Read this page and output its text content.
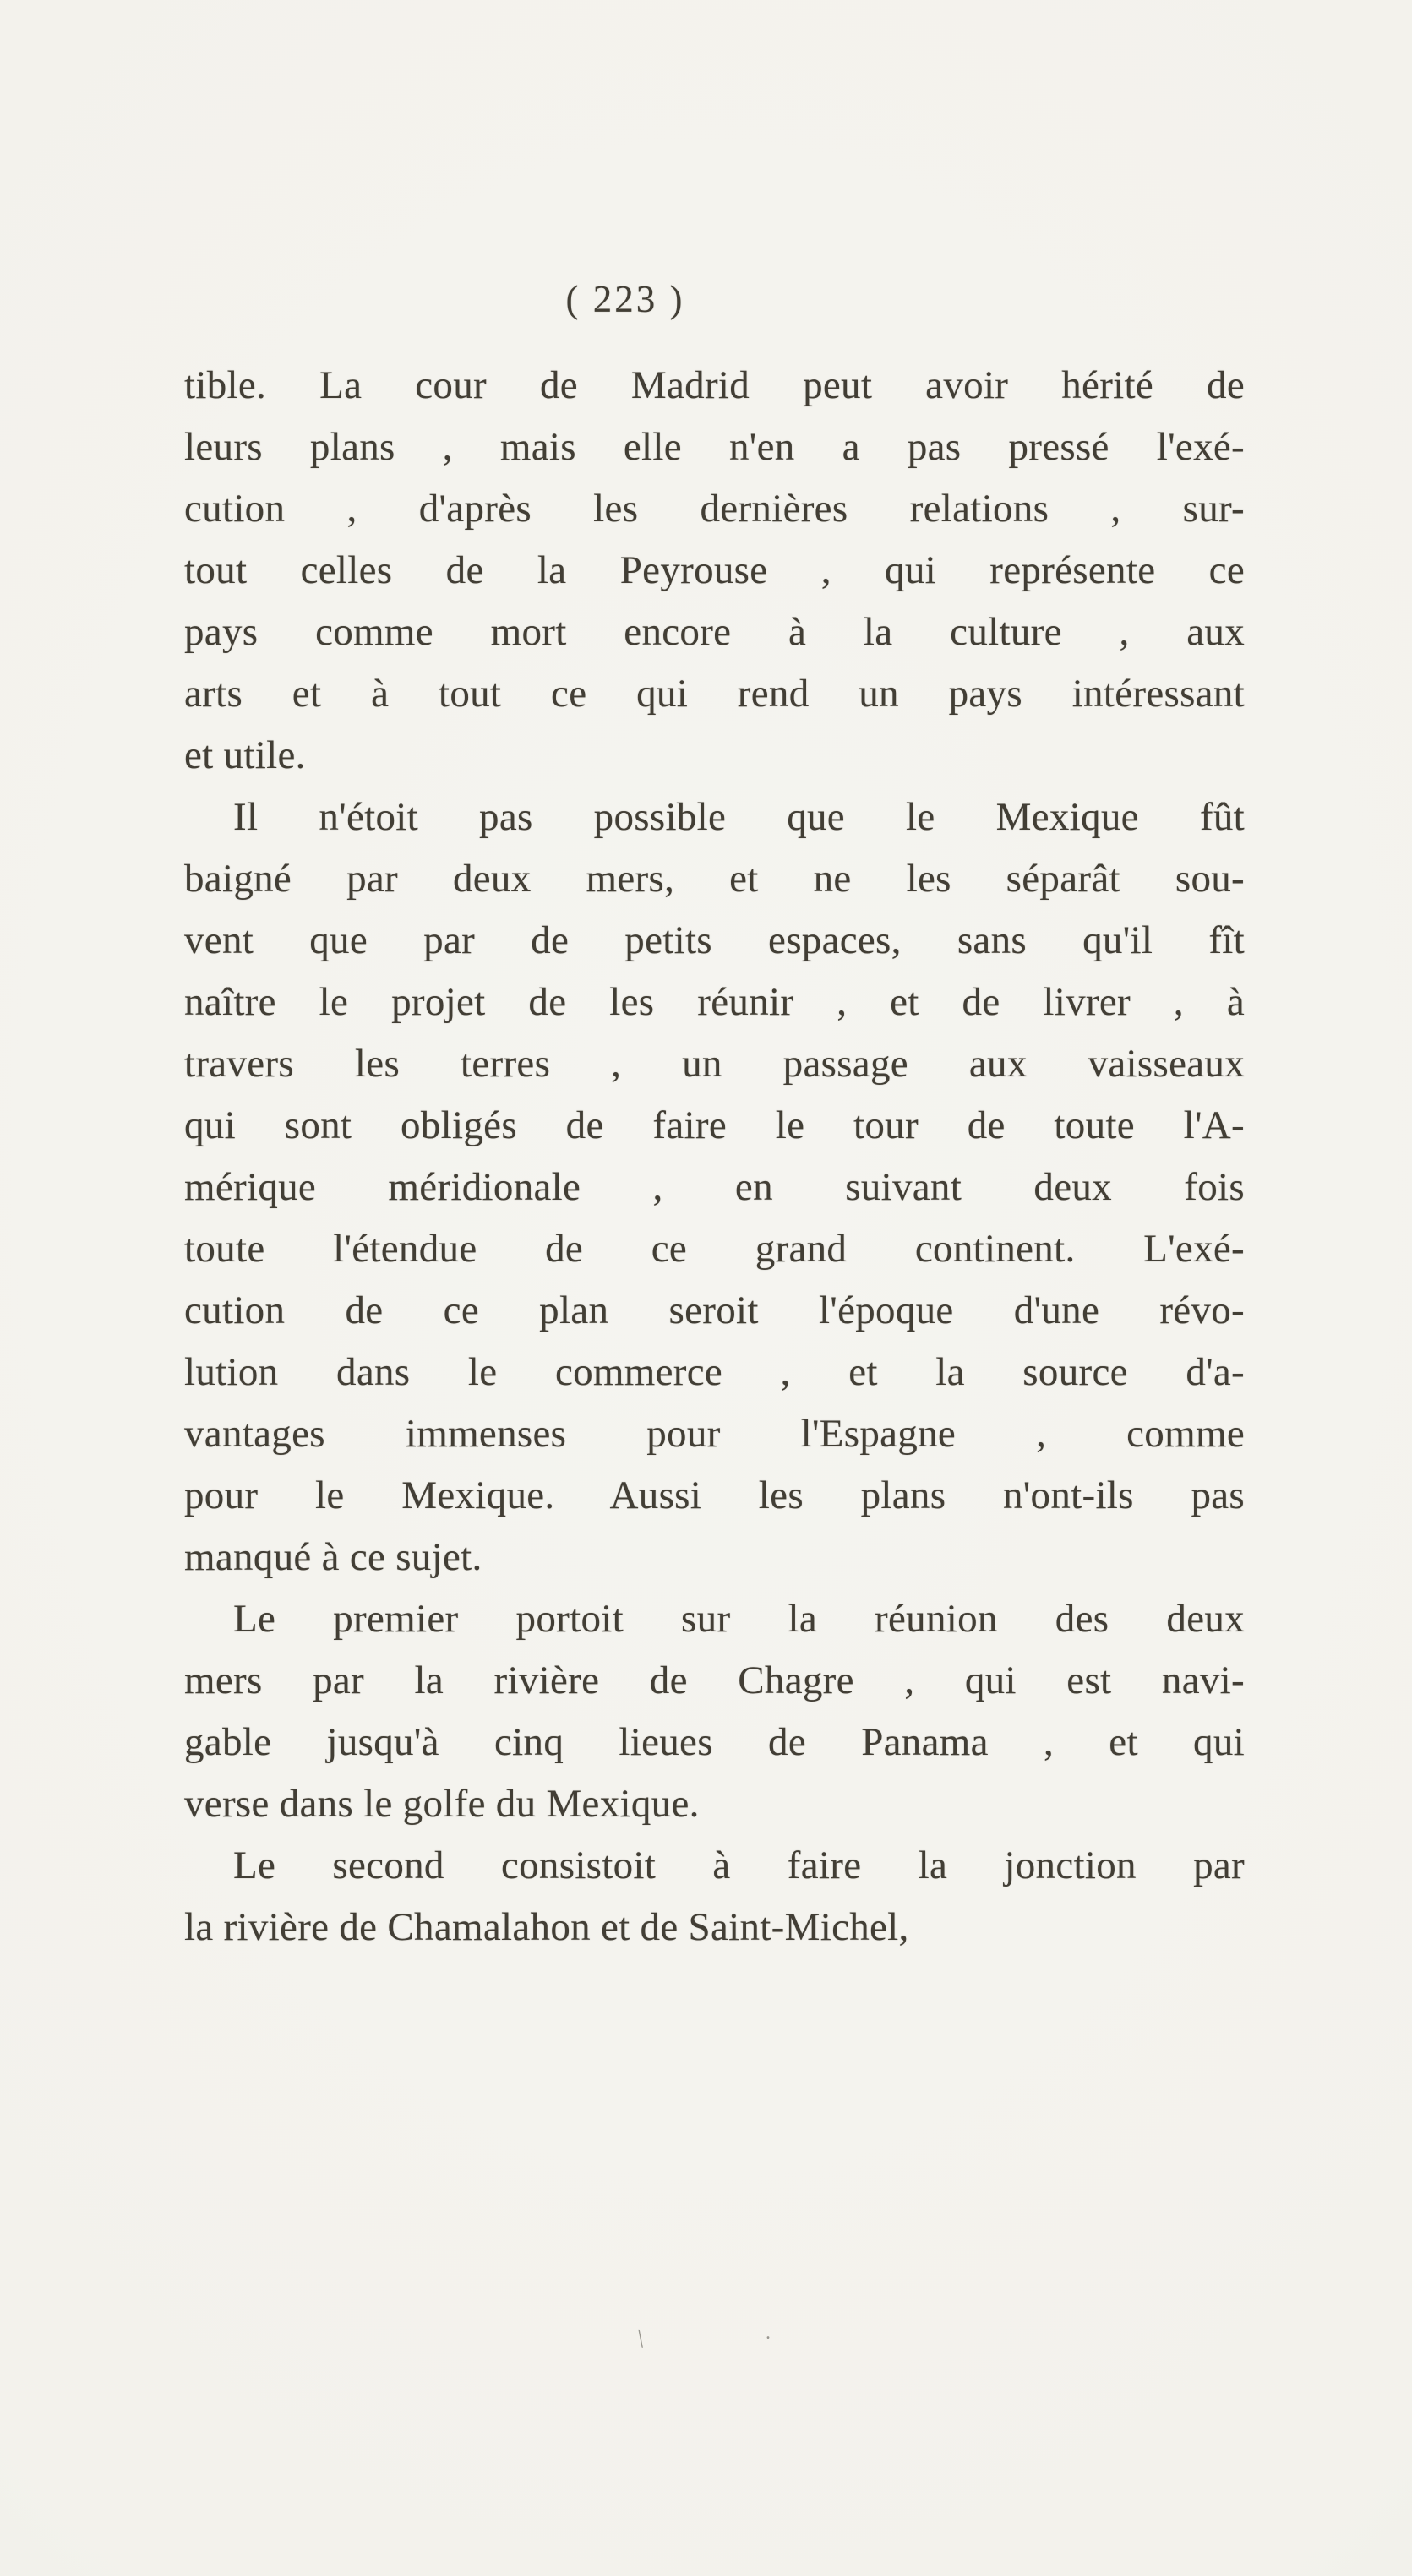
( 223 )

tible. La cour de Madrid peut avoir hérité de
leurs plans , mais elle n'en a pas pressé l'exé-
cution , d'après les dernières relations , sur-
tout celles de la Peyrouse , qui représente ce
pays comme mort encore à la culture , aux
arts et à tout ce qui rend un pays intéressant
et utile.

Il n'étoit pas possible que le Mexique fût
baigné par deux mers, et ne les séparât sou-
vent que par de petits espaces, sans qu'il fît
naître le projet de les réunir , et de livrer , à
travers les terres , un passage aux vaisseaux
qui sont obligés de faire le tour de toute l'A-
mérique méridionale , en suivant deux fois
toute l'étendue de ce grand continent. L'exé-
cution de ce plan seroit l'époque d'une révo-
lution dans le commerce , et la source d'a-
vantages immenses pour l'Espagne , comme
pour le Mexique. Aussi les plans n'ont-ils pas
manqué à ce sujet.

Le premier portoit sur la réunion des deux
mers par la rivière de Chagre , qui est navi-
gable jusqu'à cinq lieues de Panama , et qui
verse dans le golfe du Mexique.

Le second consistoit à faire la jonction par
la rivière de Chamalahon et de Saint-Michel,

\	.
